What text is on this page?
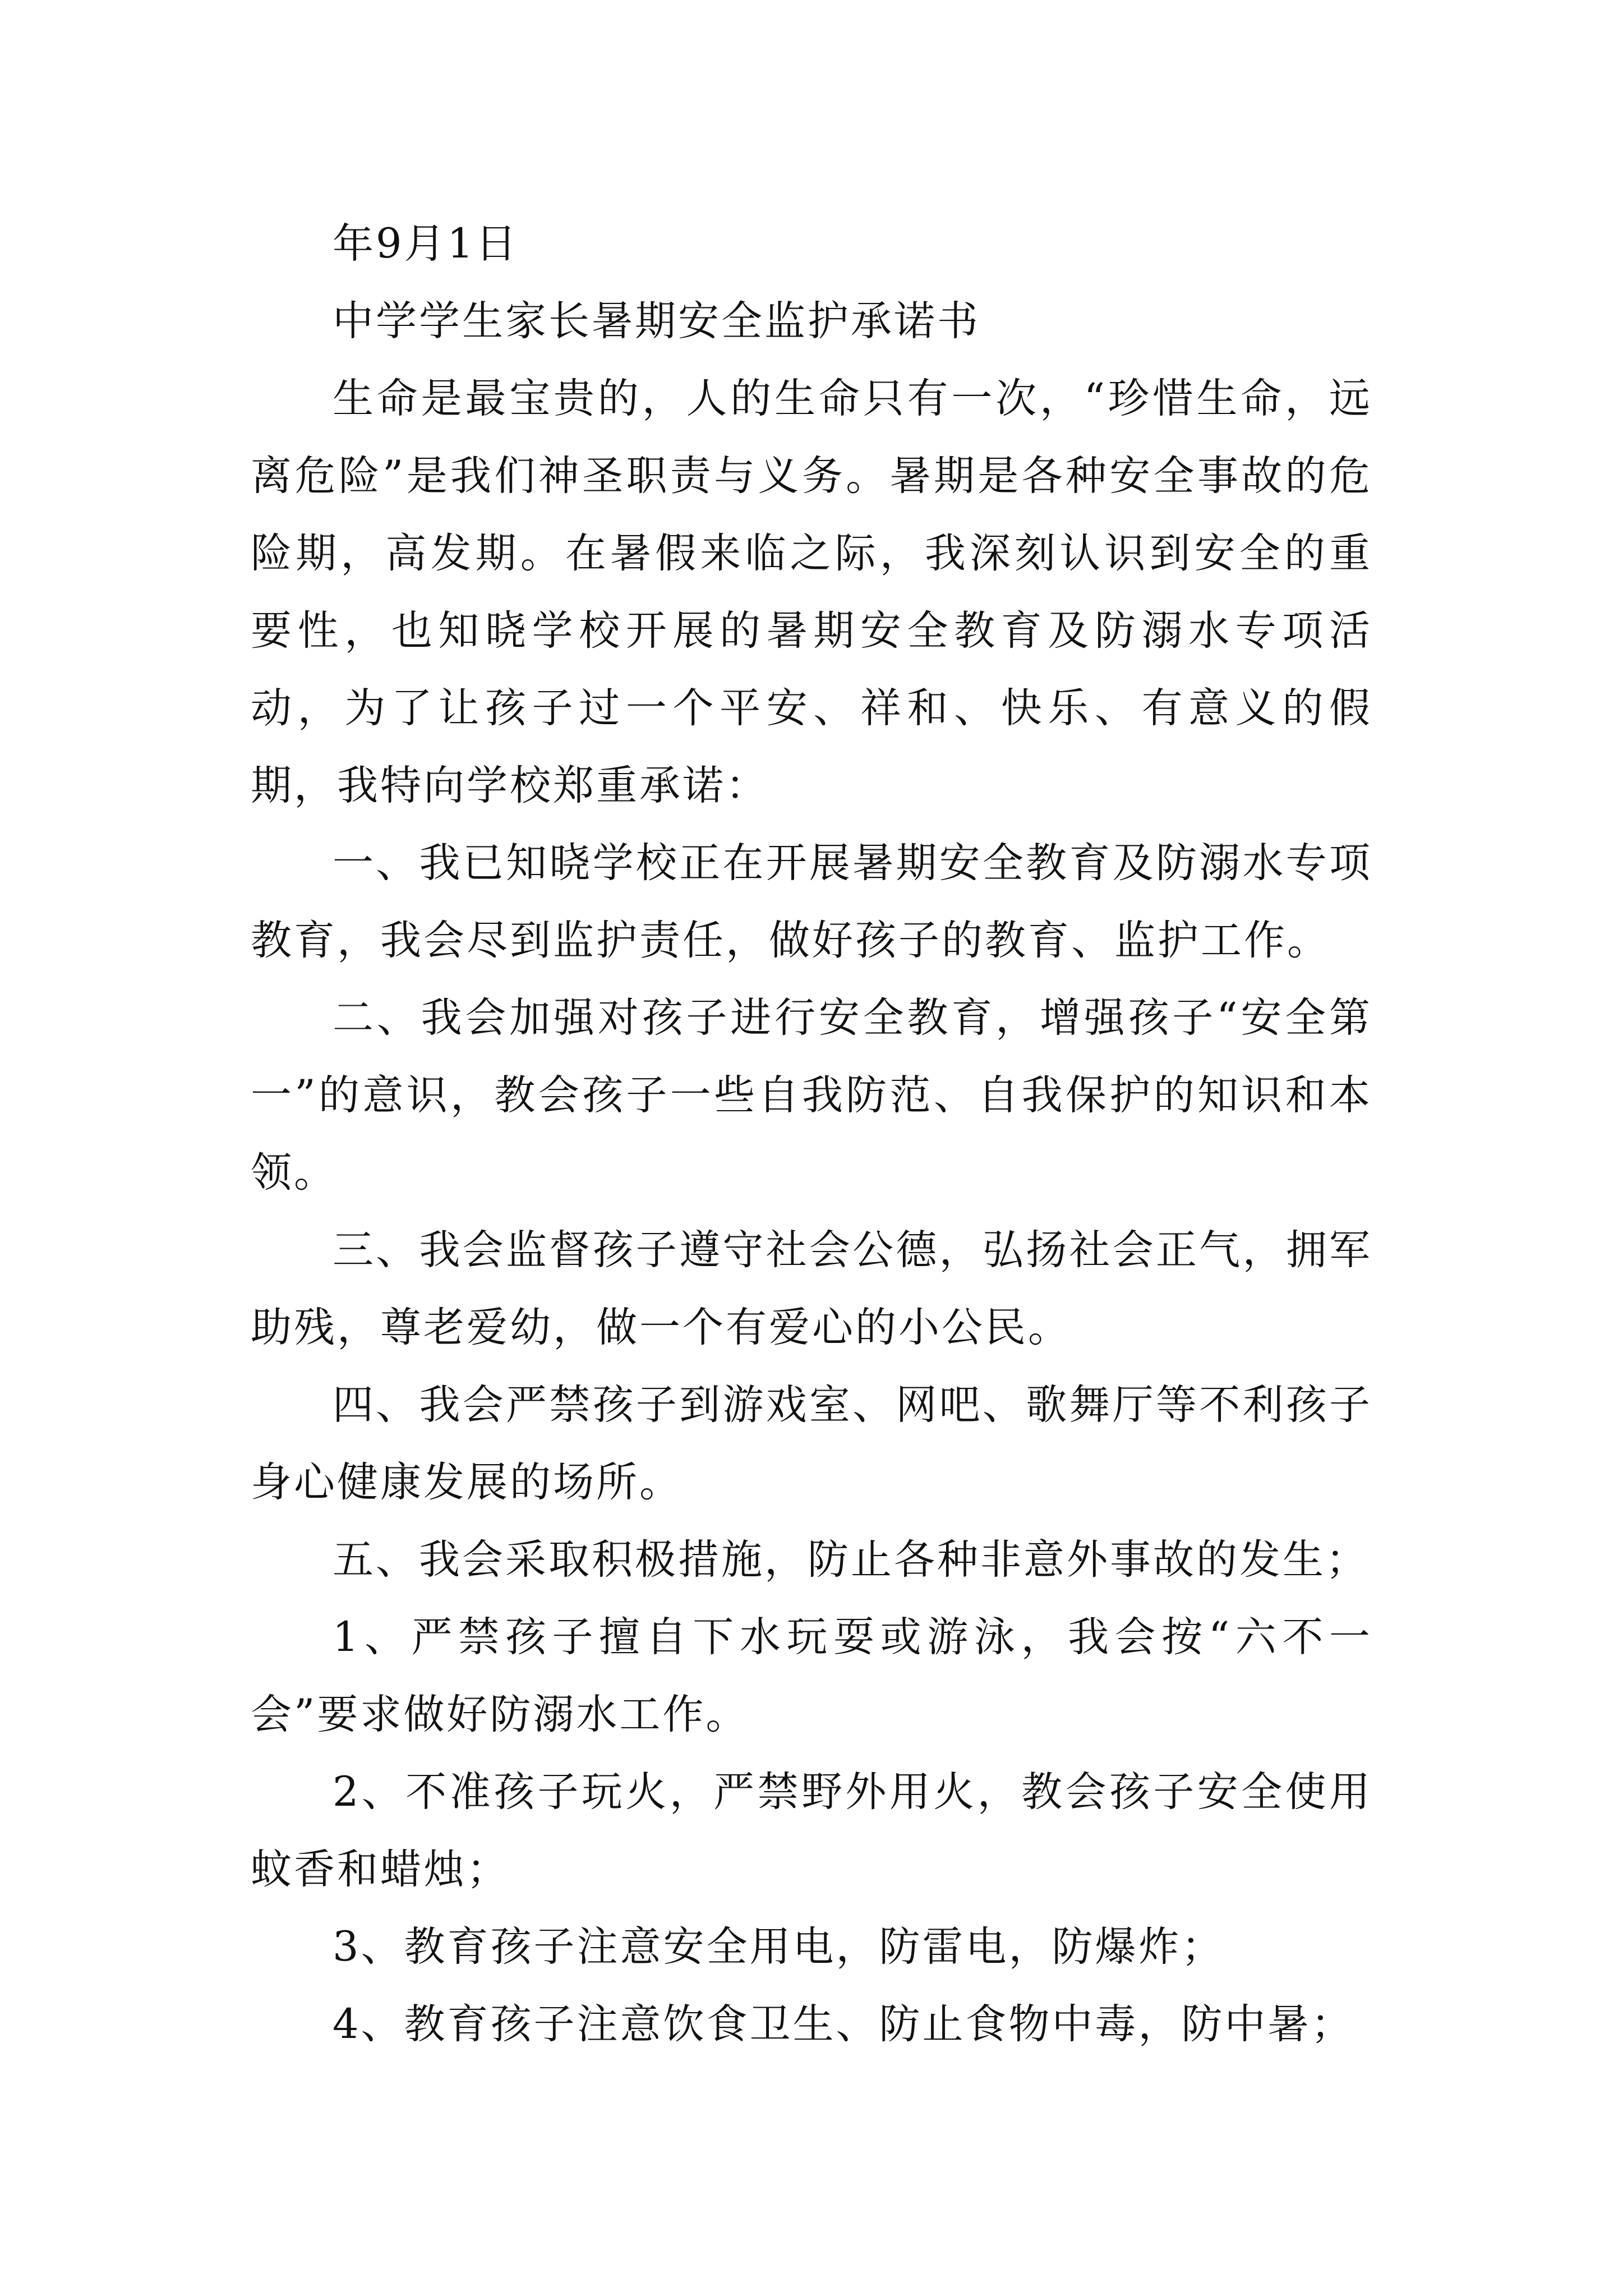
年9月1日

中学学生家长暑期安全监护承诺书

生命是最宝贵的，人的生命只有一次，“珍惜生命，远离危险”是我们神圣职责与义务。暑期是各种安全事故的危险期，高发期。在暑假来临之际，我深刻认识到安全的重要性，也知晓学校开展的暑期安全教育及防溺水专项活动，为了让孩子过一个平安、祥和、快乐、有意义的假期，我特向学校郑重承诺：

一、我已知晓学校正在开展暑期安全教育及防溺水专项教育，我会尽到监护责任，做好孩子的教育、监护工作。

二、我会加强对孩子进行安全教育，增强孩子“安全第一”的意识，教会孩子一些自我防范、自我保护的知识和本领。

三、我会监督孩子遵守社会公德，弘扬社会正气，拥军助残，尊老爱幼，做一个有爱心的小公民。

四、我会严禁孩子到游戏室、网吧、歌舞厅等不利孩子身心健康发展的场所。

五、我会采取积极措施，防止各种非意外事故的发生；

1、严禁孩子擅自下水玩耍或游泳，我会按“六不一会”要求做好防溺水工作。

2、不准孩子玩火，严禁野外用火，教会孩子安全使用蚊香和蜡烛；

3、教育孩子注意安全用电，防雷电，防爆炸；

4、教育孩子注意饮食卫生、防止食物中毒，防中暑；
